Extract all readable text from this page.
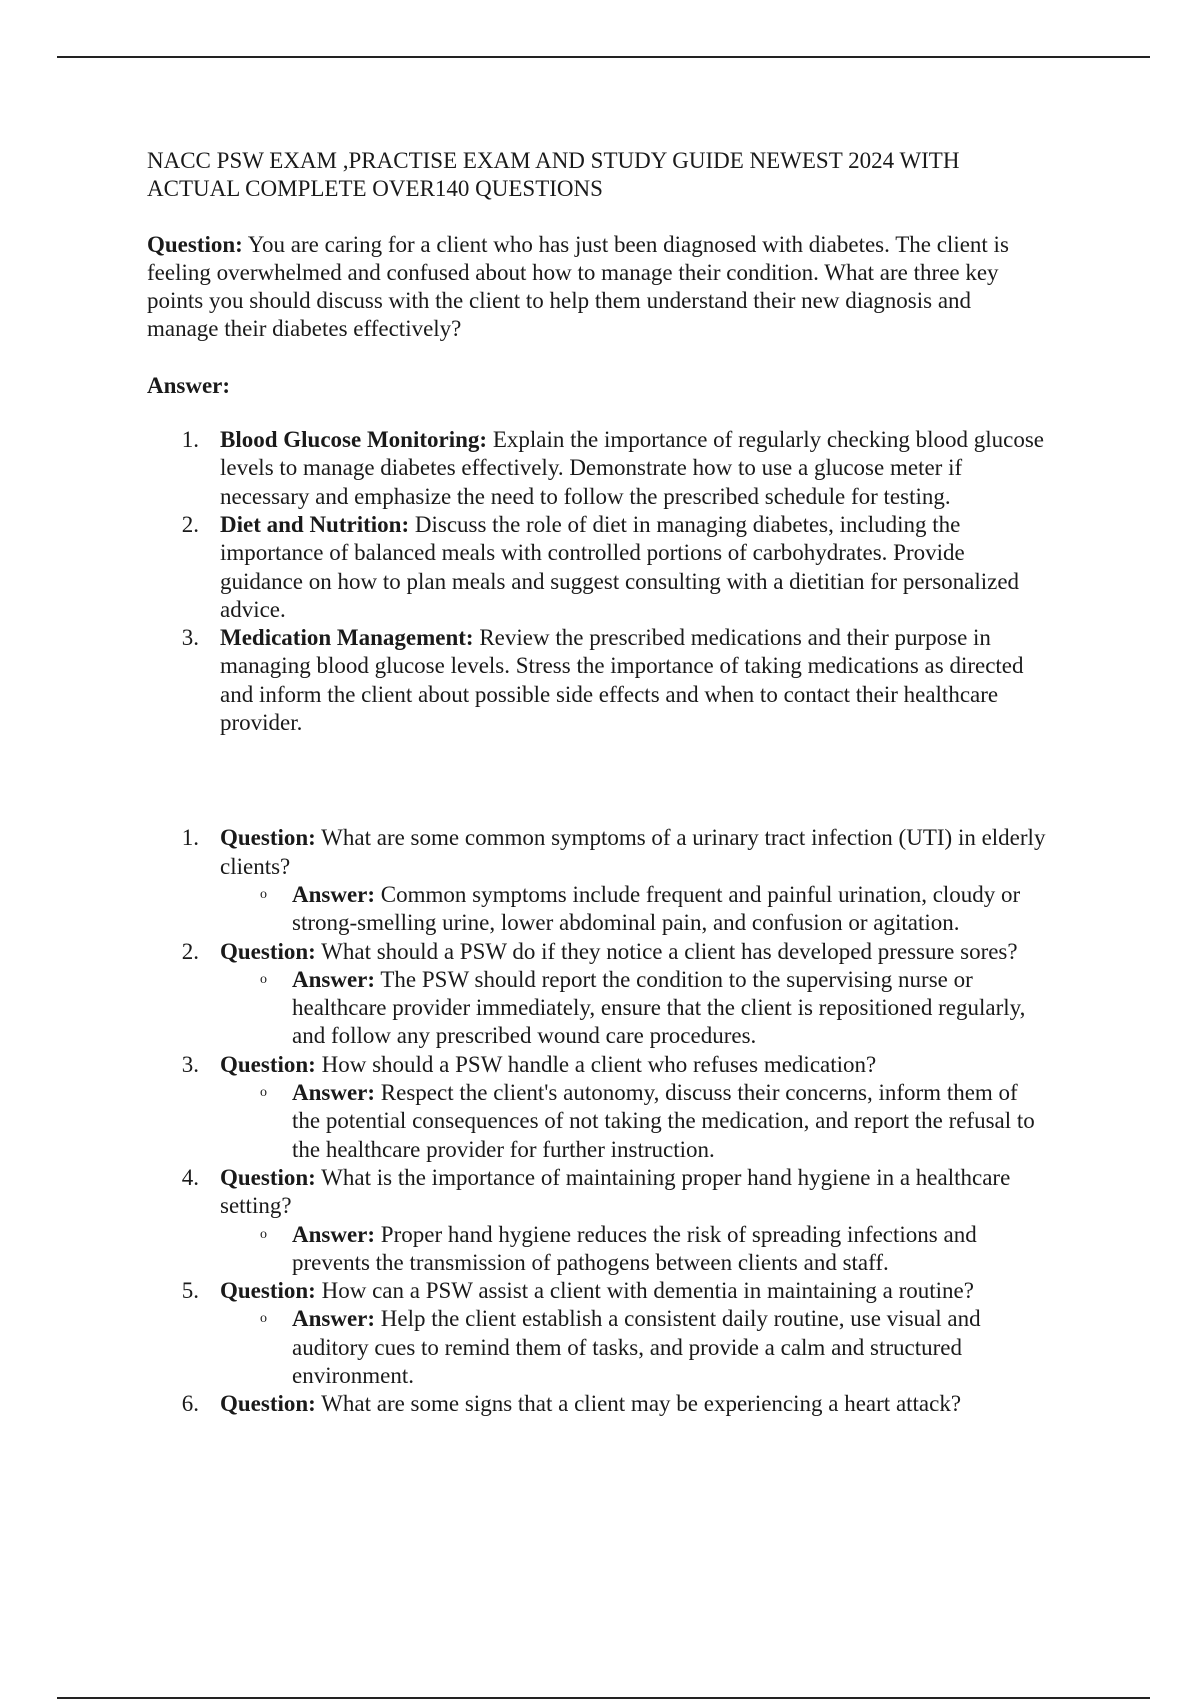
NACC PSW EXAM ,PRACTISE EXAM AND STUDY GUIDE NEWEST 2024 WITH
ACTUAL COMPLETE OVER140 QUESTIONS

Question: You are caring for a client who has just been diagnosed with diabetes. The client is
feeling overwhelmed and confused about how to manage their condition. What are three key
points you should discuss with the client to help them understand their new diagnosis and
manage their diabetes effectively?

Answer:

1. Blood Glucose Monitoring: Explain the importance of regularly checking blood glucose
levels to manage diabetes effectively. Demonstrate how to use a glucose meter if
necessary and emphasize the need to follow the prescribed schedule for testing.
2. Diet and Nutrition: Discuss the role of diet in managing diabetes, including the
importance of balanced meals with controlled portions of carbohydrates. Provide
guidance on how to plan meals and suggest consulting with a dietitian for personalized
advice.
3. Medication Management: Review the prescribed medications and their purpose in
managing blood glucose levels. Stress the importance of taking medications as directed
and inform the client about possible side effects and when to contact their healthcare
provider.
1. Question: What are some common symptoms of a urinary tract infection (UTI) in elderly
clients?
o Answer: Common symptoms include frequent and painful urination, cloudy or
strong-smelling urine, lower abdominal pain, and confusion or agitation.
2. Question: What should a PSW do if they notice a client has developed pressure sores?
o Answer: The PSW should report the condition to the supervising nurse or
healthcare provider immediately, ensure that the client is repositioned regularly,
and follow any prescribed wound care procedures.
3. Question: How should a PSW handle a client who refuses medication?
o Answer: Respect the client's autonomy, discuss their concerns, inform them of
the potential consequences of not taking the medication, and report the refusal to
the healthcare provider for further instruction.
4. Question: What is the importance of maintaining proper hand hygiene in a healthcare
setting?
o Answer: Proper hand hygiene reduces the risk of spreading infections and
prevents the transmission of pathogens between clients and staff.
5. Question: How can a PSW assist a client with dementia in maintaining a routine?
o Answer: Help the client establish a consistent daily routine, use visual and
auditory cues to remind them of tasks, and provide a calm and structured
environment.
6. Question: What are some signs that a client may be experiencing a heart attack?
